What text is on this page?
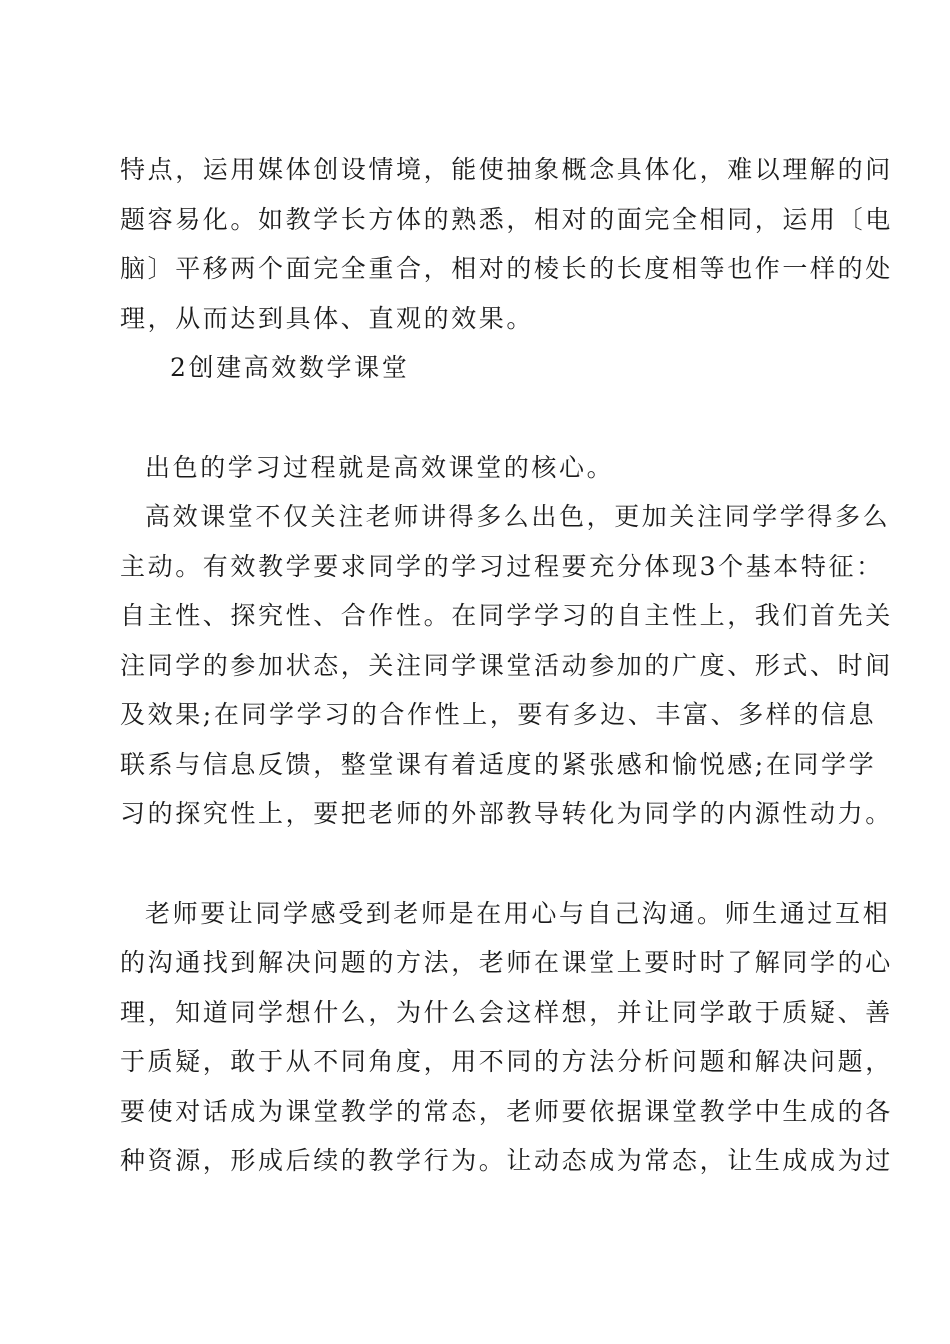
特点，运用媒体创设情境，能使抽象概念具体化，难以理解的问
题容易化。如教学长方体的熟悉，相对的面完全相同，运用〔电
脑〕平移两个面完全重合，相对的棱长的长度相等也作一样的处
理，从而达到具体、直观的效果。
2创建高效数学课堂
出色的学习过程就是高效课堂的核心。
高效课堂不仅关注老师讲得多么出色，更加关注同学学得多么
主动。有效教学要求同学的学习过程要充分体现3个基本特征：
自主性、探究性、合作性。在同学学习的自主性上，我们首先关
注同学的参加状态，关注同学课堂活动参加的广度、形式、时间
及效果;在同学学习的合作性上，要有多边、丰富、多样的信息
联系与信息反馈，整堂课有着适度的紧张感和愉悦感;在同学学
习的探究性上，要把老师的外部教导转化为同学的内源性动力。
老师要让同学感受到老师是在用心与自己沟通。师生通过互相
的沟通找到解决问题的方法，老师在课堂上要时时了解同学的心
理，知道同学想什么，为什么会这样想，并让同学敢于质疑、善
于质疑，敢于从不同角度，用不同的方法分析问题和解决问题，
要使对话成为课堂教学的常态，老师要依据课堂教学中生成的各
种资源，形成后续的教学行为。让动态成为常态，让生成成为过
